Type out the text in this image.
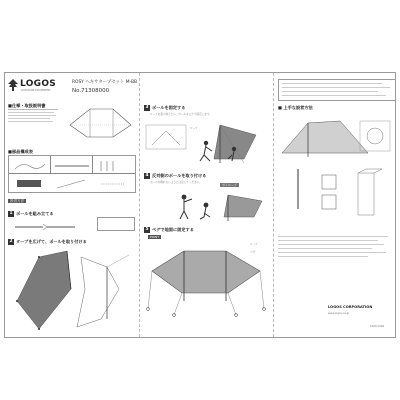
LOGOS
OUTDOOR EQUIPMENT
ROSY ヘキサタープセット M-BB
No.71308000
■仕様・取扱説明書
■部品構成表
設営方法
1 ポールを組み立てる
2 タープを広げて、ポールを取り付ける
3 ポールを固定する
ロープを張り終えたら、ポールを立てて固定します。
ロープ
4 反対側のポールを取り付ける
ポールが倒れないように注意してください。
ガイロープ
5 ペグで地面に固定する
POINT
ロープ
ペグ
■ 上手な設営方法
LOGOS CORPORATION
www.logos.ne.jp
1000-1906
